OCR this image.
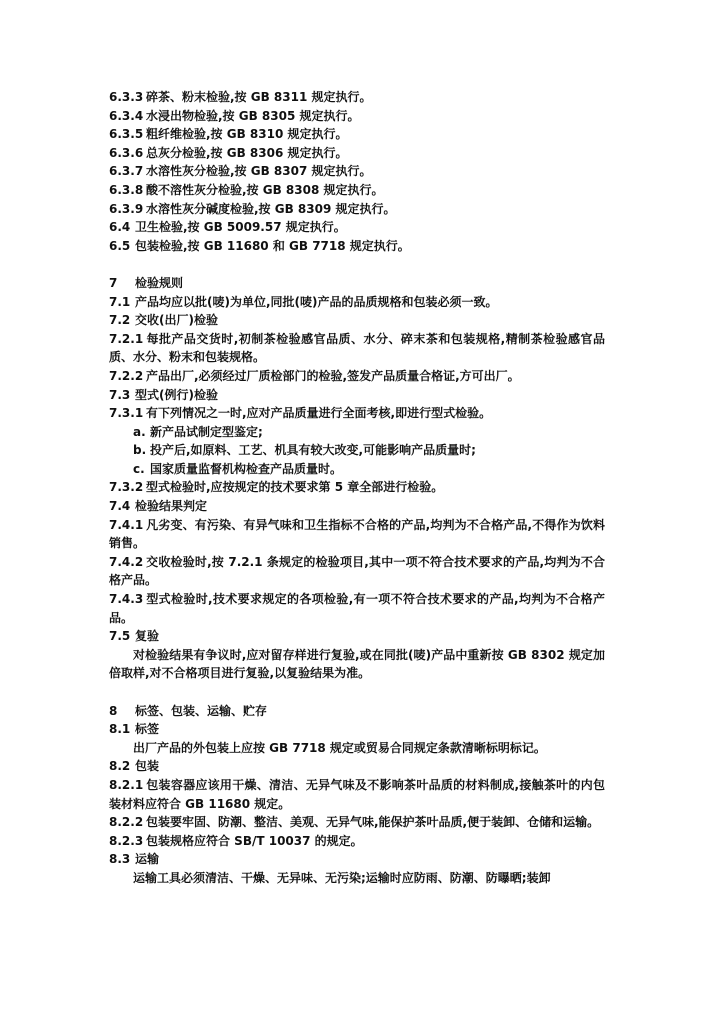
6.3.3 碎茶、粉末检验,按 GB 8311 规定执行。
6.3.4 水浸出物检验,按 GB 8305 规定执行。
6.3.5 粗纤维检验,按 GB 8310 规定执行。
6.3.6 总灰分检验,按 GB 8306 规定执行。
6.3.7 水溶性灰分检验,按 GB 8307 规定执行。
6.3.8 酸不溶性灰分检验,按 GB 8308 规定执行。
6.3.9 水溶性灰分碱度检验,按 GB 8309 规定执行。
6.4 卫生检验,按 GB 5009.57 规定执行。
6.5 包装检验,按 GB 11680 和 GB 7718 规定执行。
7 检验规则
7.1 产品均应以批(唛)为单位,同批(唛)产品的品质规格和包装必须一致。
7.2 交收(出厂)检验
7.2.1 每批产品交货时,初制茶检验感官品质、水分、碎末茶和包装规格,精制茶检验感官品质、水分、粉末和包装规格。
7.2.2 产品出厂,必须经过厂质检部门的检验,签发产品质量合格证,方可出厂。
7.3 型式(例行)检验
7.3.1 有下列情况之一时,应对产品质量进行全面考核,即进行型式检验。
a. 新产品试制定型鉴定;
b. 投产后,如原料、工艺、机具有较大改变,可能影响产品质量时;
c. 国家质量监督机构检查产品质量时。
7.3.2 型式检验时,应按规定的技术要求第 5 章全部进行检验。
7.4 检验结果判定
7.4.1 凡劣变、有污染、有异气味和卫生指标不合格的产品,均判为不合格产品,不得作为饮料销售。
7.4.2 交收检验时,按 7.2.1 条规定的检验项目,其中一项不符合技术要求的产品,均判为不合格产品。
7.4.3 型式检验时,技术要求规定的各项检验,有一项不符合技术要求的产品,均判为不合格产品。
7.5 复验
对检验结果有争议时,应对留存样进行复验,或在同批(唛)产品中重新按 GB 8302 规定加倍取样,对不合格项目进行复验,以复验结果为准。
8 标签、包装、运输、贮存
8.1 标签
出厂产品的外包装上应按 GB 7718 规定或贸易合同规定条款清晰标明标记。
8.2 包装
8.2.1 包装容器应该用干燥、清洁、无异气味及不影响茶叶品质的材料制成,接触茶叶的内包装材料应符合 GB 11680 规定。
8.2.2 包装要牢固、防潮、整洁、美观、无异气味,能保护茶叶品质,便于装卸、仓储和运输。
8.2.3 包装规格应符合 SB/T 10037 的规定。
8.3 运输
运输工具必须清洁、干燥、无异味、无污染;运输时应防雨、防潮、防曝晒;装卸
